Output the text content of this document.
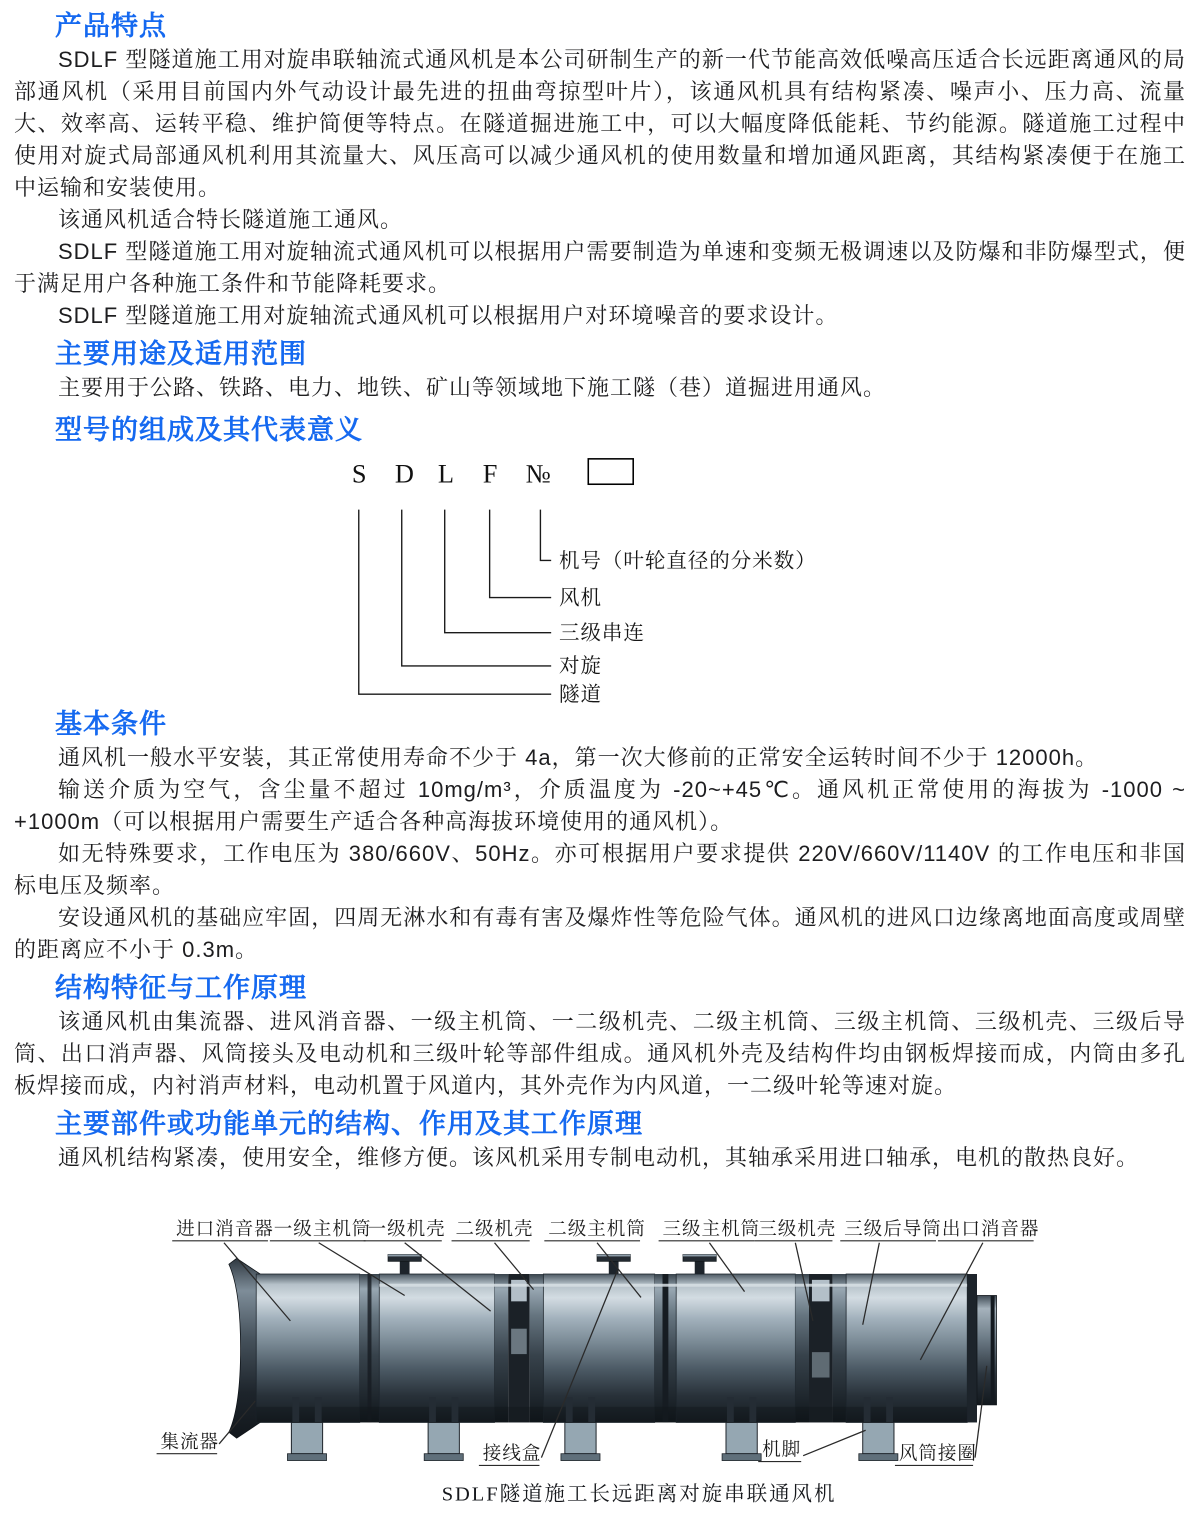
产品特点

SDLF 型隧道施工用对旋串联轴流式通风机是本公司研制生产的新一代节能高效低噪高压适合长远距离通风的局部通风机（采用目前国内外气动设计最先进的扭曲弯掠型叶片），该通风机具有结构紧凑、噪声小、压力高、流量大、效率高、运转平稳、维护简便等特点。在隧道掘进施工中，可以大幅度降低能耗、节约能源。隧道施工过程中使用对旋式局部通风机利用其流量大、风压高可以减少通风机的使用数量和增加通风距离，其结构紧凑便于在施工中运输和安装使用。

该通风机适合特长隧道施工通风。

SDLF 型隧道施工用对旋轴流式通风机可以根据用户需要制造为单速和变频无极调速以及防爆和非防爆型式，便于满足用户各种施工条件和节能降耗要求。

SDLF 型隧道施工用对旋轴流式通风机可以根据用户对环境噪音的要求设计。

主要用途及适用范围

主要用于公路、铁路、电力、地铁、矿山等领域地下施工隧（巷）道掘进用通风。

型号的组成及其代表意义
S D L F №
机号（叶轮直径的分米数）
风机
三级串连
对旋
隧道
基本条件

通风机一般水平安装，其正常使用寿命不少于 4a，第一次大修前的正常安全运转时间不少于 12000h。

输送介质为空气，含尘量不超过 10mg/m³，介质温度为 -20~+45℃。通风机正常使用的海拔为 -1000 ~ +1000m（可以根据用户需要生产适合各种高海拔环境使用的通风机）。

如无特殊要求，工作电压为 380/660V、50Hz。亦可根据用户要求提供 220V/660V/1140V 的工作电压和非国标电压及频率。

安设通风机的基础应牢固，四周无淋水和有毒有害及爆炸性等危险气体。通风机的进风口边缘离地面高度或周壁的距离应不小于 0.3m。

结构特征与工作原理

该通风机由集流器、进风消音器、一级主机筒、一二级机壳、二级主机筒、三级主机筒、三级机壳、三级后导筒、出口消声器、风筒接头及电动机和三级叶轮等部件组成。通风机外壳及结构件均由钢板焊接而成，内筒由多孔板焊接而成，内衬消声材料，电动机置于风道内，其外壳作为内风道，一二级叶轮等速对旋。

主要部件或功能单元的结构、作用及其工作原理

通风机结构紧凑，使用安全，维修方便。该风机采用专制电动机，其轴承采用进口轴承，电机的散热良好。

进口消音器 一级主机筒
一级机壳 二级机壳 二级主机筒 三级主机筒
三级机壳 三级后导筒 出口消音器
集流器
接线盒	机脚	风筒接圈
SDLF隧道施工长远距离对旋串联通风机
